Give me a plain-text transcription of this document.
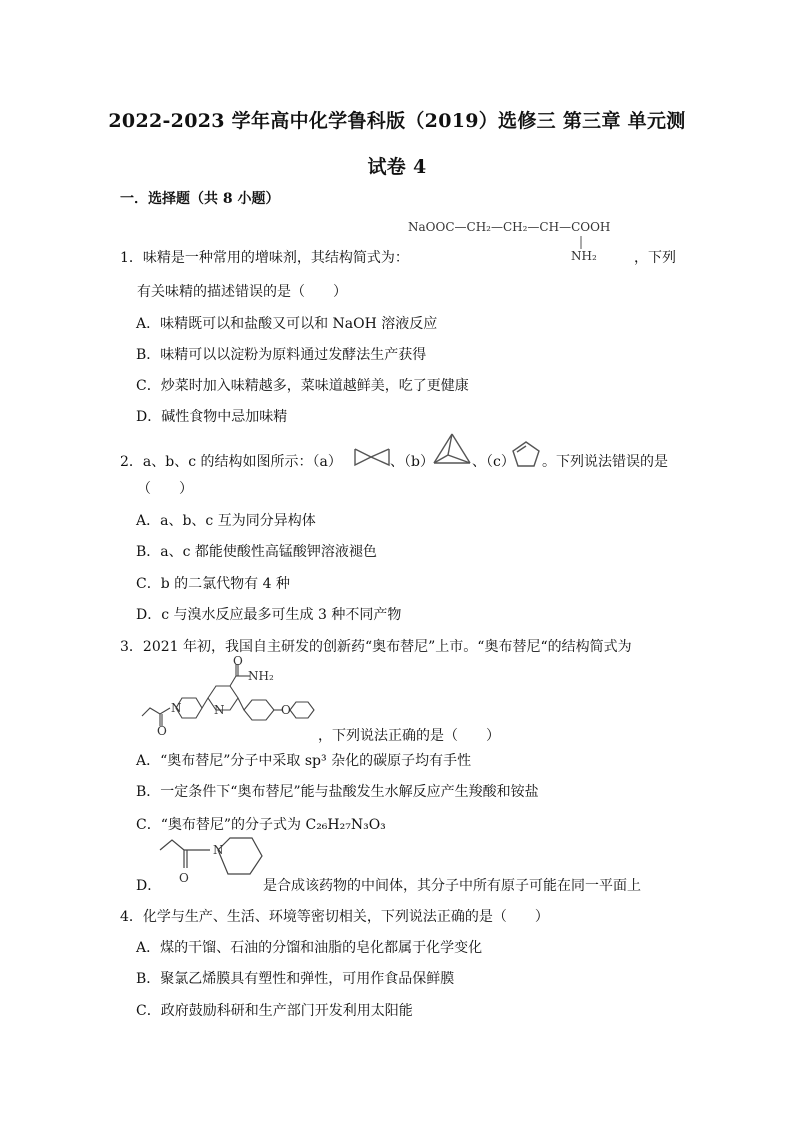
2022-2023 学年高中化学鲁科版（2019）选修三 第三章 单元测
试卷 4
一．选择题（共 8 小题）
NaOOC—CH₂—CH₂—CH—COOH
NH₂
1．味精是一种常用的增味剂，其结构简式为：	，下列
有关味精的描述错误的是（　　）
A．味精既可以和盐酸又可以和 NaOH 溶液反应
B．味精可以以淀粉为原料通过发酵法生产获得
C．炒菜时加入味精越多，菜味道越鲜美，吃了更健康
D．碱性食物中忌加味精
2．a、b、c 的结构如图所示：（a）	、（b）	、（c） 。下列说法错误的是
（　　）
A．a、b、c 互为同分异构体
B．a、c 都能使酸性高锰酸钾溶液褪色
C．b 的二氯代物有 4 种
D．c 与溴水反应最多可生成 3 种不同产物
3．2021 年初，我国自主研发的创新药“奥布替尼”上市。“奥布替尼“的结构简式为
NH₂
O
N	N	O
O	，下列说法正确的是（　　）
A．“奥布替尼”分子中采取 sp³ 杂化的碳原子均有手性
B．一定条件下“奥布替尼”能与盐酸发生水解反应产生羧酸和铵盐
C．“奥布替尼”的分子式为 C₂₆H₂₇N₃O₃
D．
N
O	是合成该药物的中间体，其分子中所有原子可能在同一平面上
4．化学与生产、生活、环境等密切相关，下列说法正确的是（　　）
A．煤的干馏、石油的分馏和油脂的皂化都属于化学变化
B．聚氯乙烯膜具有塑性和弹性，可用作食品保鲜膜
C．政府鼓励科研和生产部门开发利用太阳能
